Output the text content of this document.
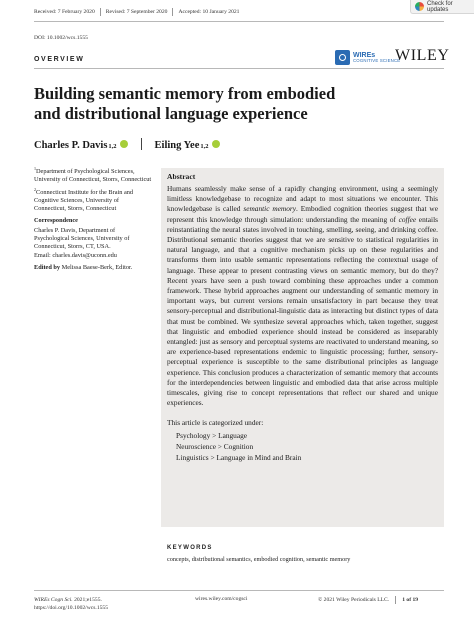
Received: 7 February 2020 Revised: 7 September 2020 Accepted: 10 January 2021
Check for updates
DOI: 10.1002/wcs.1555
OVERVIEW
WIREs
COGNITIVE SCIENCE
WILEY
Building semantic memory from embodied
and distributional language experience
Charles P. Davis 1,2	Eiling Yee 1,2

$^1$Department of Psychological Sciences, University of Connecticut, Storrs, Connecticut

$^2$Connecticut Institute for the Brain and Cognitive Sciences, University of Connecticut, Storrs, Connecticut

Correspondence

Charles P. Davis, Department of Psychological Sciences, University of Connecticut, Storrs, CT, USA.

Email: charles.davis@uconn.edu

Edited by Melissa Baese-Berk, Editor.

Abstract
Humans seamlessly make sense of a rapidly changing environment, using a seemingly limitless knowledgebase to recognize and adapt to most situations we encounter. This knowledgebase is called semantic memory. Embodied cognition theories suggest that we represent this knowledge through simulation: understanding the meaning of coffee entails reinstantiating the neural states involved in touching, smelling, seeing, and drinking coffee. Distributional semantic theories suggest that we are sensitive to statistical regularities in natural language, and that a cognitive mechanism picks up on these regularities and transforms them into usable semantic representations reflecting the contextual usage of language. These appear to present contrasting views on semantic memory, but do they? Recent years have seen a push toward combining these approaches under a common framework. These hybrid approaches augment our understanding of semantic memory in important ways, but current versions remain unsatisfactory in part because they treat sensory-perceptual and distributional-linguistic data as interacting but distinct types of data that must be combined. We synthesize several approaches which, taken together, suggest that linguistic and embodied experience should instead be considered as inseparably entangled: just as sensory and perceptual systems are reactivated to understand meaning, so are experience-based representations endemic to linguistic processing; further, sensory-perceptual experience is susceptible to the same distributional principles as language experience. This conclusion produces a characterization of semantic memory that accounts for the interdependencies between linguistic and embodied data that arise across multiple timescales, giving rise to concept representations that reflect our shared and unique experiences.
This article is categorized under:
Psychology > Language
Neuroscience > Cognition
Linguistics > Language in Mind and Brain
KEYWORDS
concepts, distributional semantics, embodied cognition, semantic memory
WIREs Cogn Sci. 2021;e1555.
https://doi.org/10.1002/wcs.1555
wires.wiley.com/cogsci	© 2021 Wiley Periodicals LLC. 1 of 19
